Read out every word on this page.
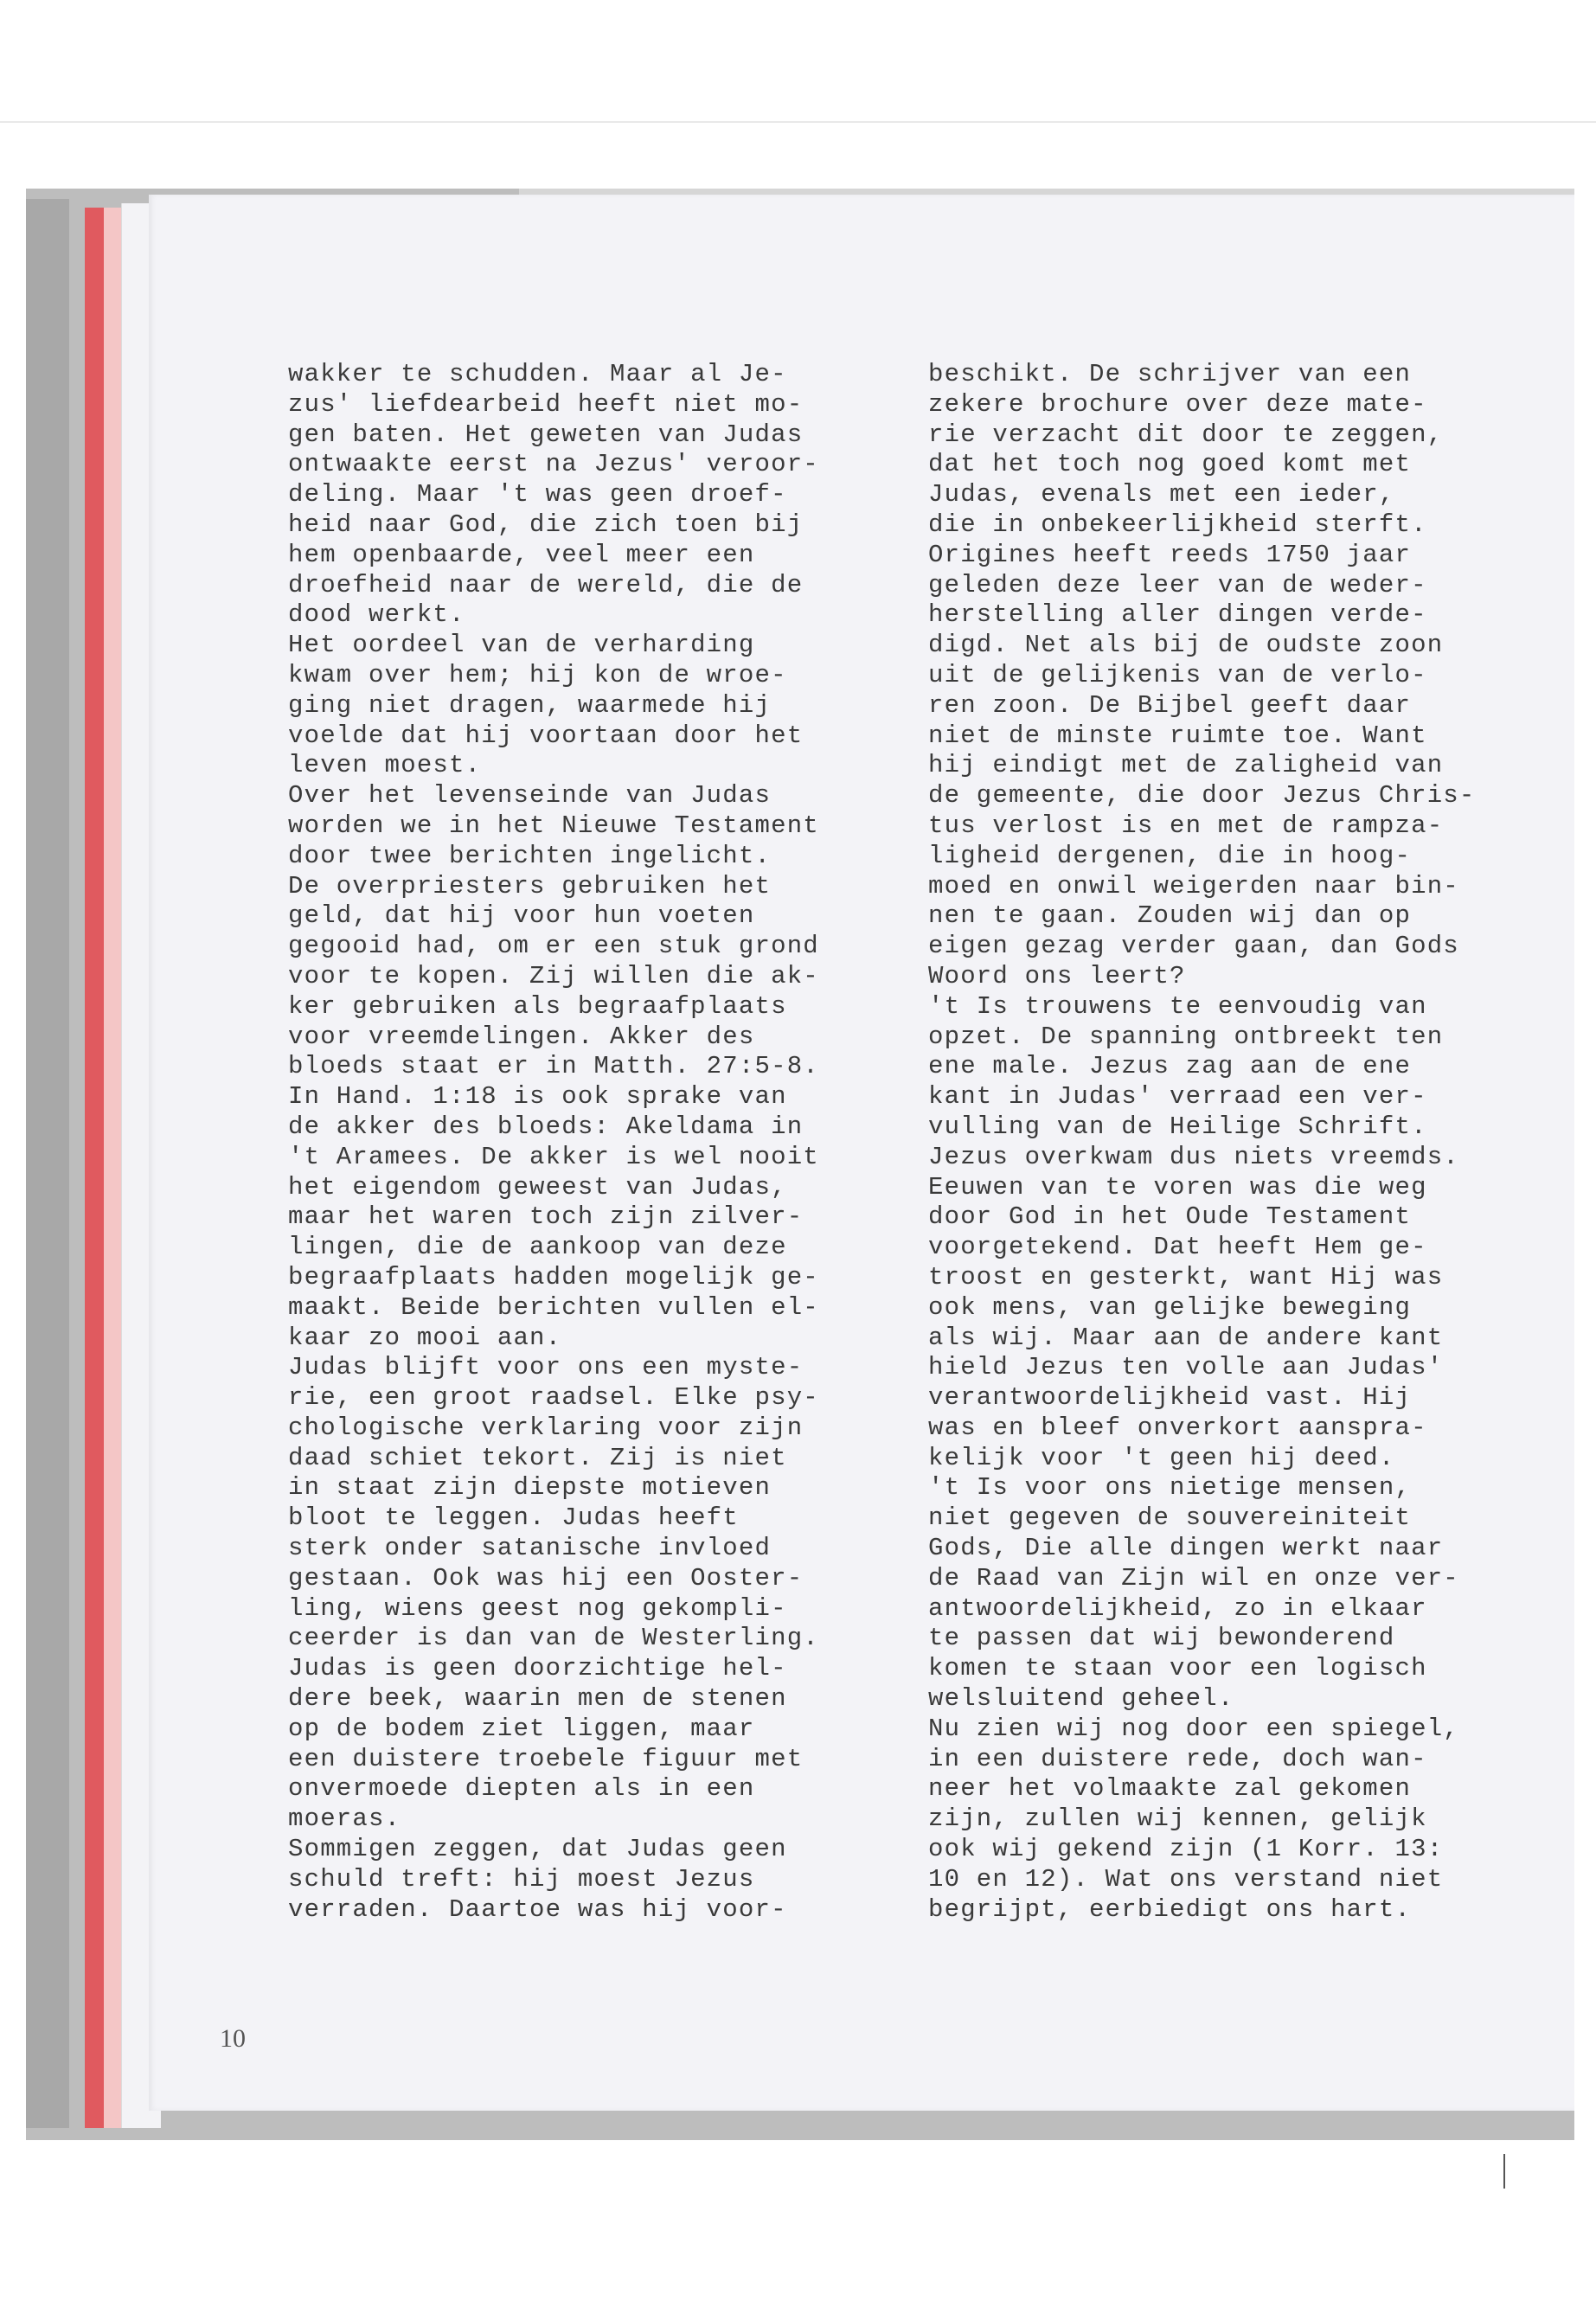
wakker te schudden. Maar al Je-
zus' liefdearbeid heeft niet mo-
gen baten. Het geweten van Judas
ontwaakte eerst na Jezus' veroor-
deling. Maar 't was geen droef-
heid naar God, die zich toen bij
hem openbaarde, veel meer een
droefheid naar de wereld, die de
dood werkt.
Het oordeel van de verharding
kwam over hem; hij kon de wroe-
ging niet dragen, waarmede hij
voelde dat hij voortaan door het
leven moest.
Over het levenseinde van Judas
worden we in het Nieuwe Testament
door twee berichten ingelicht.
De overpriesters gebruiken het
geld, dat hij voor hun voeten
gegooid had, om er een stuk grond
voor te kopen. Zij willen die ak-
ker gebruiken als begraafplaats
voor vreemdelingen. Akker des
bloeds staat er in Matth. 27:5-8.
In Hand. 1:18 is ook sprake van
de akker des bloeds: Akeldama in
't Aramees. De akker is wel nooit
het eigendom geweest van Judas,
maar het waren toch zijn zilver-
lingen, die de aankoop van deze
begraafplaats hadden mogelijk ge-
maakt. Beide berichten vullen el-
kaar zo mooi aan.
Judas blijft voor ons een myste-
rie, een groot raadsel. Elke psy-
chologische verklaring voor zijn
daad schiet tekort. Zij is niet
in staat zijn diepste motieven
bloot te leggen. Judas heeft
sterk onder satanische invloed
gestaan. Ook was hij een Ooster-
ling, wiens geest nog gekompli-
ceerder is dan van de Westerling.
Judas is geen doorzichtige hel-
dere beek, waarin men de stenen
op de bodem ziet liggen, maar
een duistere troebele figuur met
onvermoede diepten als in een
moeras.
Sommigen zeggen, dat Judas geen
schuld treft: hij moest Jezus
verraden. Daartoe was hij voor-
beschikt. De schrijver van een
zekere brochure over deze mate-
rie verzacht dit door te zeggen,
dat het toch nog goed komt met
Judas, evenals met een ieder,
die in onbekeerlijkheid sterft.
Origines heeft reeds 1750 jaar
geleden deze leer van de weder-
herstelling aller dingen verde-
digd. Net als bij de oudste zoon
uit de gelijkenis van de verlo-
ren zoon. De Bijbel geeft daar
niet de minste ruimte toe. Want
hij eindigt met de zaligheid van
de gemeente, die door Jezus Chris-
tus verlost is en met de rampza-
ligheid dergenen, die in hoog-
moed en onwil weigerden naar bin-
nen te gaan. Zouden wij dan op
eigen gezag verder gaan, dan Gods
Woord ons leert?
't Is trouwens te eenvoudig van
opzet. De spanning ontbreekt ten
ene male. Jezus zag aan de ene
kant in Judas' verraad een ver-
vulling van de Heilige Schrift.
Jezus overkwam dus niets vreemds.
Eeuwen van te voren was die weg
door God in het Oude Testament
voorgetekend. Dat heeft Hem ge-
troost en gesterkt, want Hij was
ook mens, van gelijke beweging
als wij. Maar aan de andere kant
hield Jezus ten volle aan Judas'
verantwoordelijkheid vast. Hij
was en bleef onverkort aanspra-
kelijk voor 't geen hij deed.
't Is voor ons nietige mensen,
niet gegeven de souvereiniteit
Gods, Die alle dingen werkt naar
de Raad van Zijn wil en onze ver-
antwoordelijkheid, zo in elkaar
te passen dat wij bewonderend
komen te staan voor een logisch
welsluitend geheel.
Nu zien wij nog door een spiegel,
in een duistere rede, doch wan-
neer het volmaakte zal gekomen
zijn, zullen wij kennen, gelijk
ook wij gekend zijn (1 Korr. 13:
10 en 12). Wat ons verstand niet
begrijpt, eerbiedigt ons hart.
10
